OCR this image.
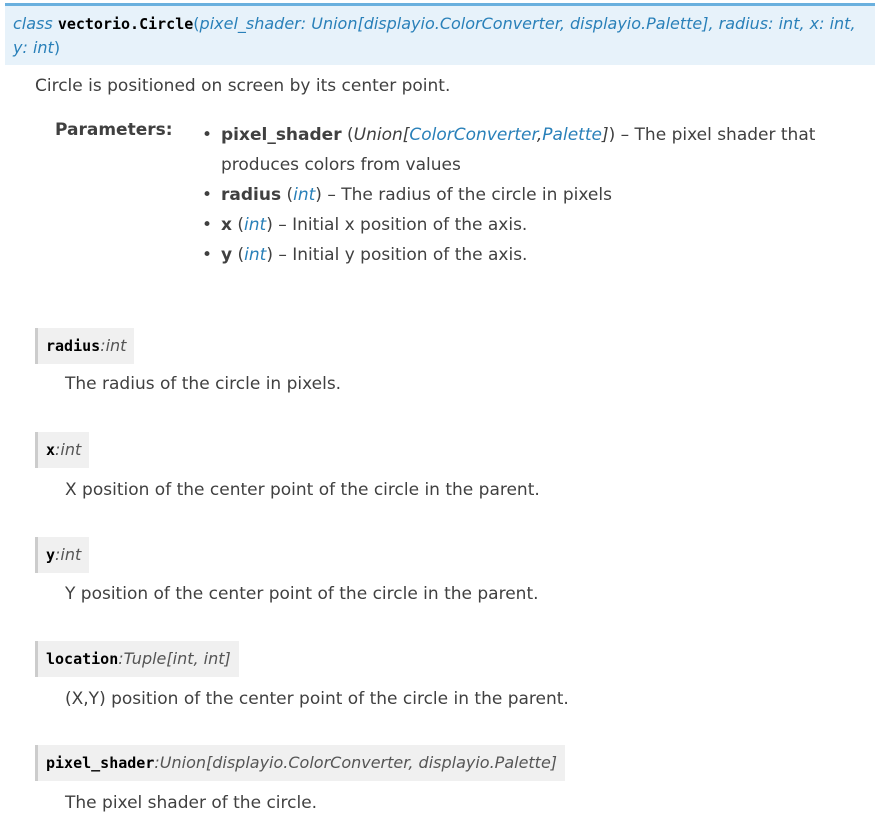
class vectorio.Circle(pixel_shader: Union[displayio.ColorConverter, displayio.Palette], radius: int, x: int, y: int)

Circle is positioned on screen by its center point.

Parameters:
•	pixel_shader (Union[ColorConverter,Palette]) – The pixel shader that produces colors from values
• radius (int) – The radius of the circle in pixels
• x (int) – Initial x position of the axis.
• y (int) – Initial y position of the axis.
radius:int

The radius of the circle in pixels.

x:int

X position of the center point of the circle in the parent.

y:int

Y position of the center point of the circle in the parent.

location:Tuple[int, int]

(X,Y) position of the center point of the circle in the parent.

pixel_shader:Union[displayio.ColorConverter, displayio.Palette]

The pixel shader of the circle.
